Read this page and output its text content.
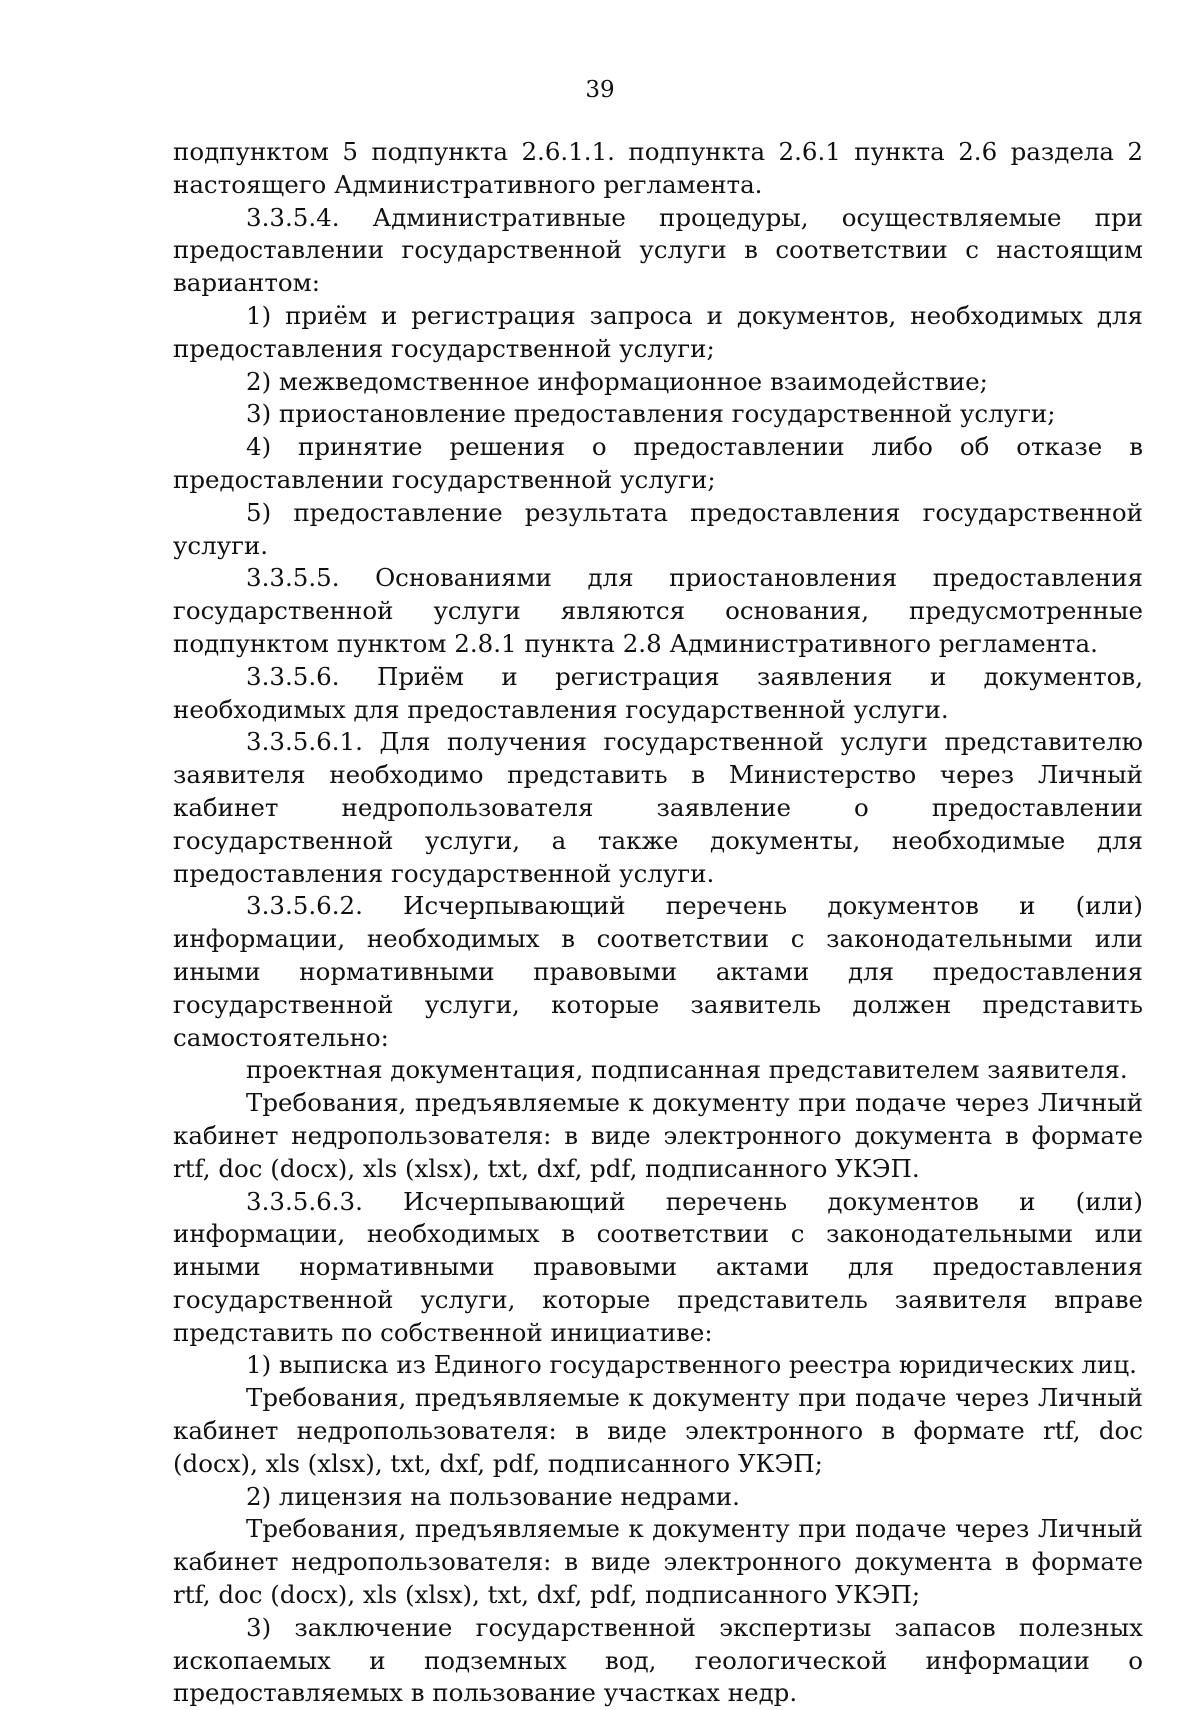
39

подпунктом 5 подпункта 2.6.1.1. подпункта 2.6.1 пункта 2.6 раздела 2 настоящего Административного регламента.

3.3.5.4. Административные процедуры, осуществляемые при предоставлении государственной услуги в соответствии с настоящим вариантом:

1) приём и регистрация запроса и документов, необходимых для предоставления государственной услуги;

2) межведомственное информационное взаимодействие;

3) приостановление предоставления государственной услуги;

4) принятие решения о предоставлении либо об отказе в предоставлении государственной услуги;

5) предоставление результата предоставления государственной услуги.

3.3.5.5. Основаниями для приостановления предоставления государственной услуги являются основания, предусмотренные подпунктом пунктом 2.8.1 пункта 2.8 Административного регламента.

3.3.5.6. Приём и регистрация заявления и документов, необходимых для предоставления государственной услуги.

3.3.5.6.1. Для получения государственной услуги представителю заявителя необходимо представить в Министерство через Личный кабинет недропользователя заявление о предоставлении государственной услуги, а также документы, необходимые для предоставления государственной услуги.

3.3.5.6.2. Исчерпывающий перечень документов и (или) информации, необходимых в соответствии с законодательными или иными нормативными правовыми актами для предоставления государственной услуги, которые заявитель должен представить самостоятельно:

проектная документация, подписанная представителем заявителя.

Требования, предъявляемые к документу при подаче через Личный кабинет недропользователя: в виде электронного документа в формате rtf, doc (docx), xls (xlsx), txt, dxf, pdf, подписанного УКЭП.

3.3.5.6.3. Исчерпывающий перечень документов и (или) информации, необходимых в соответствии с законодательными или иными нормативными правовыми актами для предоставления государственной услуги, которые представитель заявителя вправе представить по собственной инициативе:

1) выписка из Единого государственного реестра юридических лиц.

Требования, предъявляемые к документу при подаче через Личный кабинет недропользователя: в виде электронного в формате rtf, doc (docx), xls (xlsx), txt, dxf, pdf, подписанного УКЭП;

2) лицензия на пользование недрами.

Требования, предъявляемые к документу при подаче через Личный кабинет недропользователя: в виде электронного документа в формате rtf, doc (docx), xls (xlsx), txt, dxf, pdf, подписанного УКЭП;

3) заключение государственной экспертизы запасов полезных ископаемых и подземных вод, геологической информации о предоставляемых в пользование участках недр.
